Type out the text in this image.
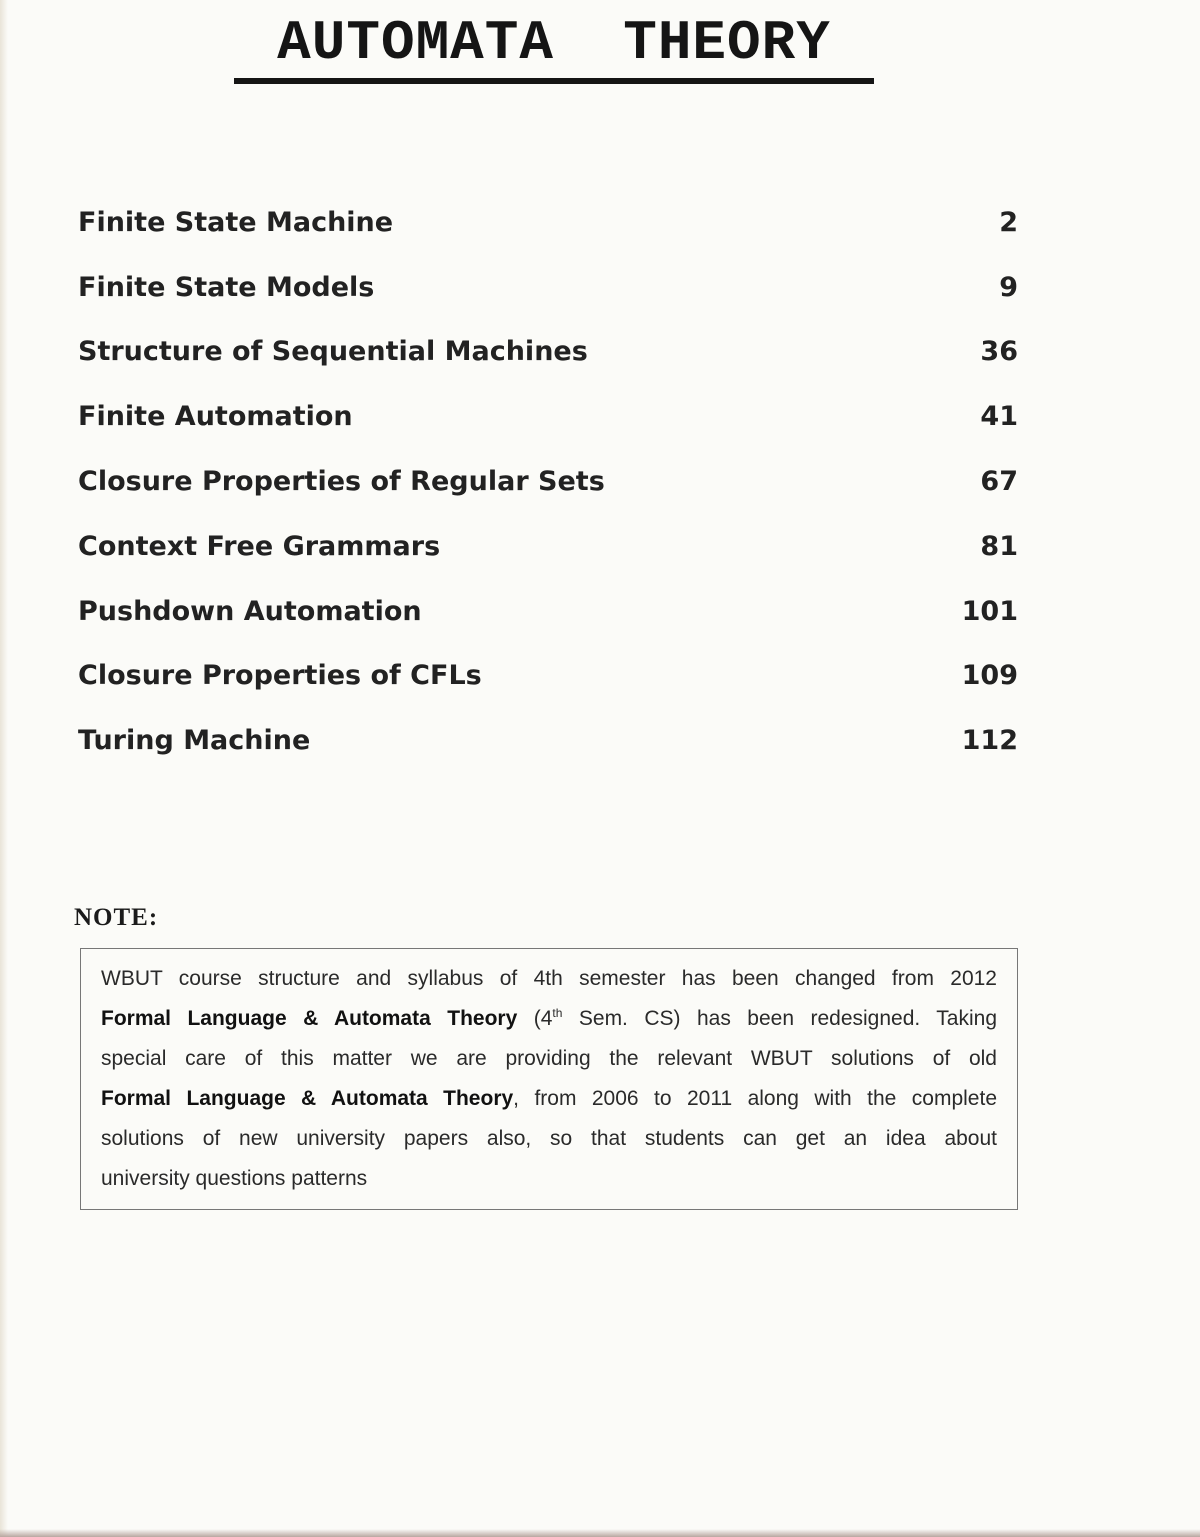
AUTOMATA  THEORY
Finite State Machine	2
Finite State Models	9
Structure of Sequential Machines	36
Finite Automation	41
Closure Properties of Regular Sets	67
Context Free Grammars	81
Pushdown Automation	101
Closure Properties of CFLs	109
Turing Machine	112

NOTE:

WBUT course structure and syllabus of 4th semester has been changed from 2012
Formal Language & Automata Theory (4th Sem. CS) has been redesigned. Taking
special care of this matter we are providing the relevant WBUT solutions of old
Formal Language & Automata Theory, from 2006 to 2011 along with the complete
solutions of new university papers also, so that students can get an idea about
university questions patterns
